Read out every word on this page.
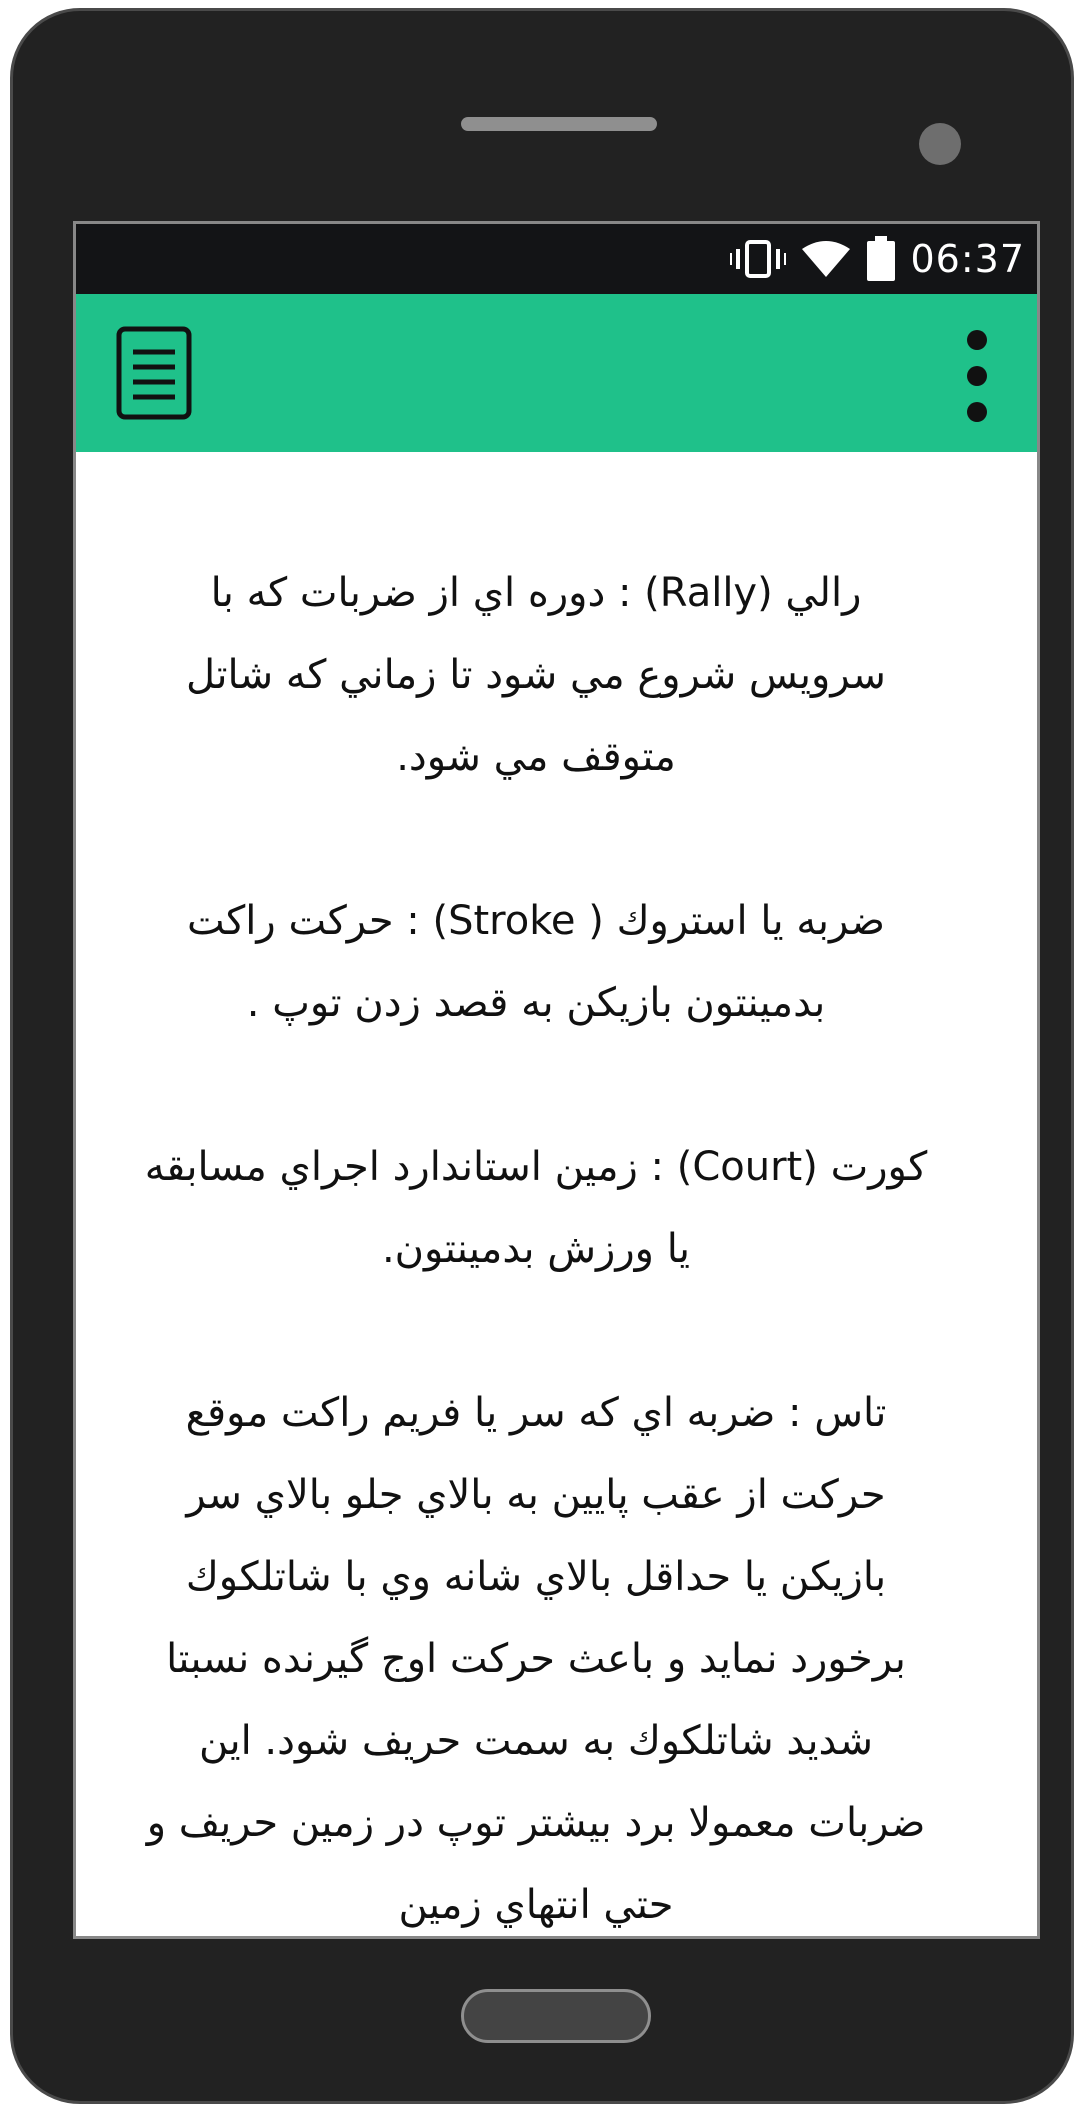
06:37

رالي (Rally) : دوره اي از ضربات كه با سرويس شروع مي شود تا زماني كه شاتل متوقف مي شود.

ضربه يا استروك ( Stroke) : حركت راكت بدمينتون بازيكن به قصد زدن توپ .

كورت (Court) : زمين استاندارد اجراي مسابقه يا ورزش بدمينتون.

تاس : ضربه اي كه سر يا فريم راكت موقع حركت از عقب پايين به بالاي جلو بالاي سر بازيكن يا حداقل بالاي شانه وي با شاتلكوك برخورد نمايد و باعث حركت اوج گيرنده نسبتا شديد شاتلكوك به سمت حريف شود. اين ضربات معمولا برد بيشتر توپ در زمين حريف و حتي انتهاي زمين
